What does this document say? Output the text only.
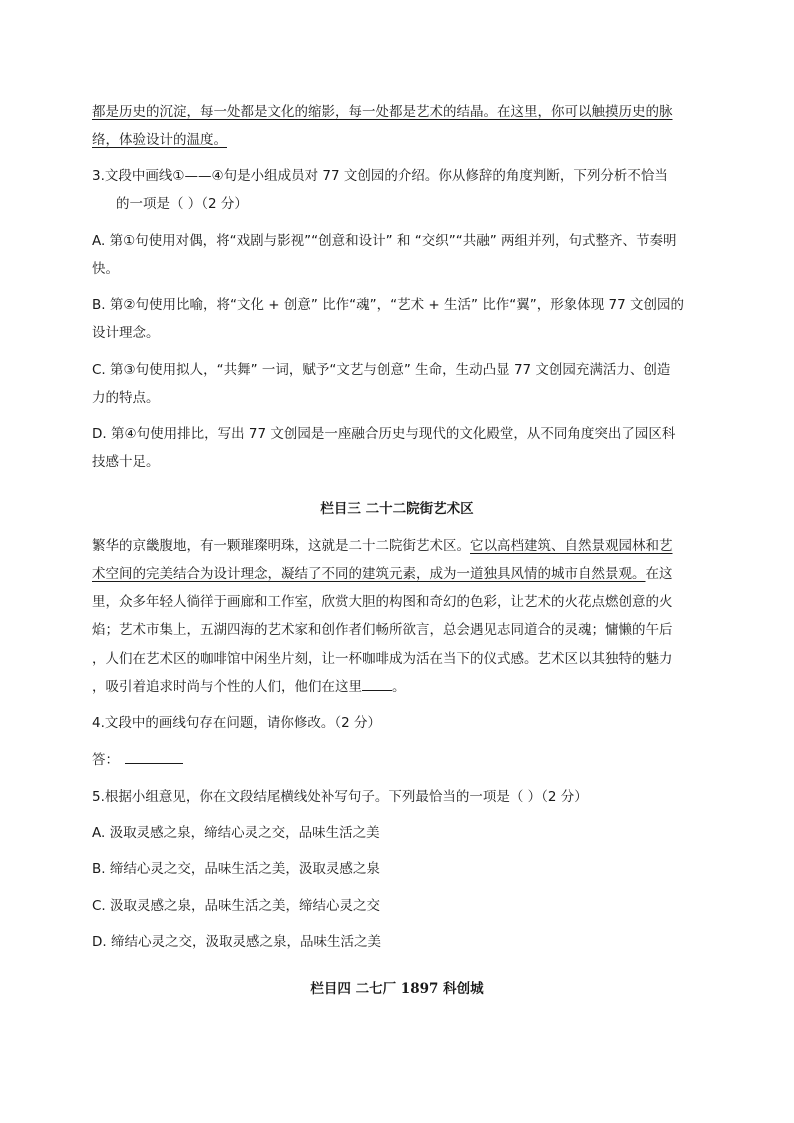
都是历史的沉淀，每一处都是文化的缩影，每一处都是艺术的结晶。在这里，你可以触摸历史的脉
络，体验设计的温度。
3.文段中画线①——④句是小组成员对 77 文创园的介绍。你从修辞的角度判断，下列分析不恰当
的一项是（ ）（2 分）
A. 第①句使用对偶，将“戏剧与影视”“创意和设计” 和 “交织”“共融” 两组并列，句式整齐、节奏明
快。
B. 第②句使用比喻，将“文化 + 创意” 比作“魂”，“艺术 + 生活” 比作“翼”，形象体现 77 文创园的
设计理念。
C. 第③句使用拟人，“共舞” 一词，赋予“文艺与创意” 生命，生动凸显 77 文创园充满活力、创造
力的特点。
D. 第④句使用排比，写出 77 文创园是一座融合历史与现代的文化殿堂，从不同角度突出了园区科
技感十足。
栏目三 二十二院街艺术区
繁华的京畿腹地，有一颗璀璨明珠，这就是二十二院街艺术区。它以高档建筑、自然景观园林和艺
术空间的完美结合为设计理念，凝结了不同的建筑元素，成为一道独具风情的城市自然景观。在这
里，众多年轻人徜徉于画廊和工作室，欣赏大胆的构图和奇幻的色彩，让艺术的火花点燃创意的火
焰；艺术市集上，五湖四海的艺术家和创作者们畅所欲言，总会遇见志同道合的灵魂；慵懒的午后
，人们在艺术区的咖啡馆中闲坐片刻，让一杯咖啡成为活在当下的仪式感。艺术区以其独特的魅力
，吸引着追求时尚与个性的人们，他们在这里 。
4.文段中的画线句存在问题，请你修改。（2 分）
答：
5.根据小组意见，你在文段结尾横线处补写句子。下列最恰当的一项是（ ）（2 分）
A. 汲取灵感之泉，缔结心灵之交，品味生活之美
B. 缔结心灵之交，品味生活之美，汲取灵感之泉
C. 汲取灵感之泉，品味生活之美，缔结心灵之交
D. 缔结心灵之交，汲取灵感之泉，品味生活之美
栏目四 二七厂 1897 科创城
